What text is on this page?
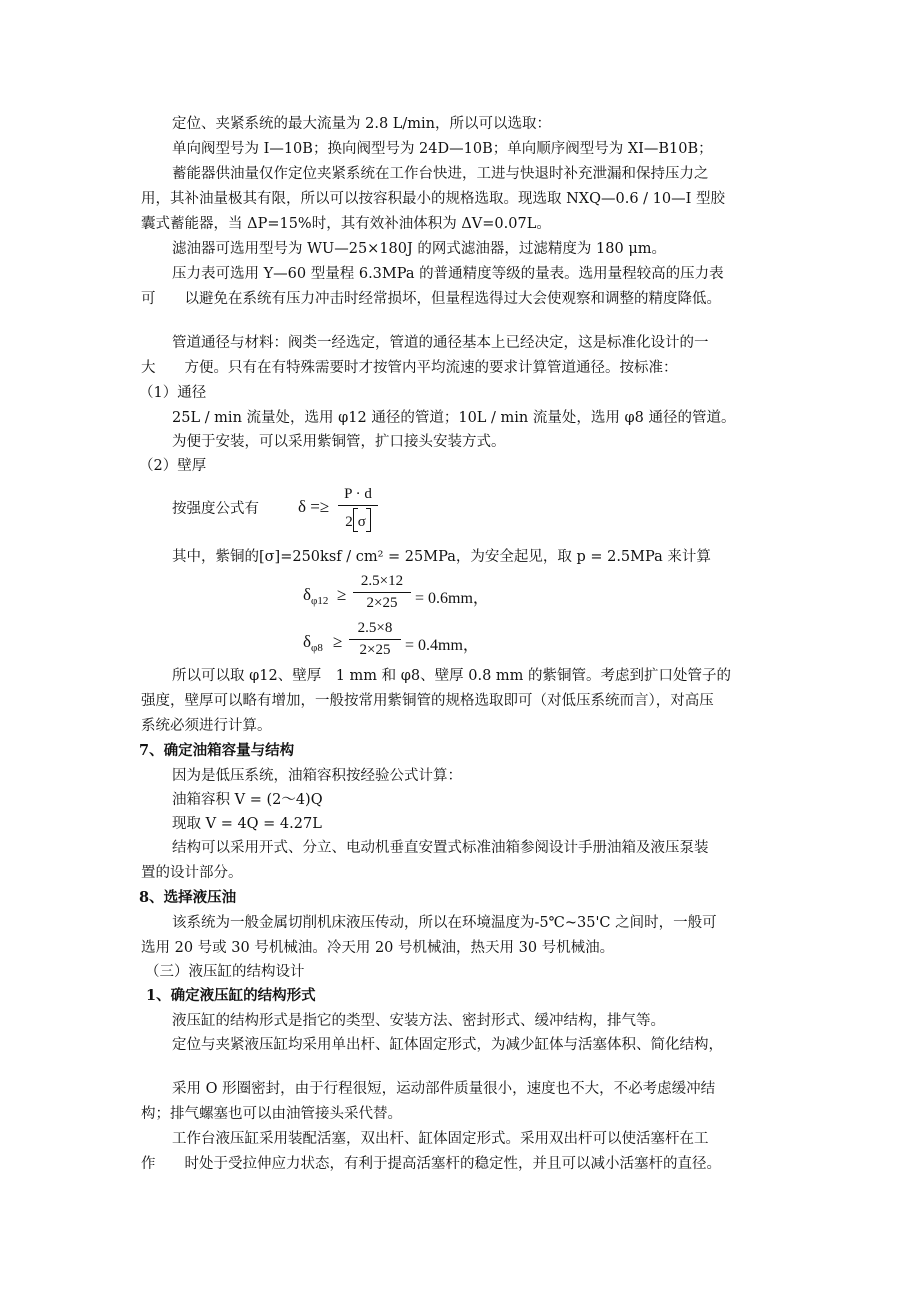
定位、夹紧系统的最大流量为 2.8 L/min，所以可以选取：
单向阀型号为 I—10B；换向阀型号为 24D—10B；单向顺序阀型号为 XI—B10B；
蓄能器供油量仅作定位夹紧系统在工作台快进，工进与快退时补充泄漏和保持压力之
用，其补油量极其有限，所以可以按容积最小的规格选取。现选取 NXQ—0.6 / 10—I 型胶
囊式蓄能器，当 ΔP=15%时，其有效补油体积为 ΔV=0.07L。
滤油器可选用型号为 WU—25×180J 的网式滤油器，过滤精度为 180 μm。
压力表可选用 Y—60 型量程 6.3MPa 的普通精度等级的量表。选用量程较高的压力表
可　　以避免在系统有压力冲击时经常损坏，但量程选得过大会使观察和调整的精度降低。
管道通径与材料：阀类一经选定，管道的通径基本上已经决定，这是标准化设计的一
大　　方便。只有在有特殊需要时才按管内平均流速的要求计算管道通径。按标准：
（1）通径
25L / min 流量处，选用 φ12 通径的管道；10L / min 流量处，选用 φ8 通径的管道。
为便于安装，可以采用紫铜管，扩口接头安装方式。
（2）壁厚
按强度公式有 δ =≥
P · d
2 σ
其中，紫铜的[σ]=250ksf / cm² = 25MPa，为安全起见，取 p = 2.5MPa 来计算
$\delta_{\varphi 12}$ ≥
2.5×12
2×25	= 0.6mm，
$\delta_{\varphi 8}$ ≥
2.5×8
2×25 = 0.4mm，
所以可以取 φ12、壁厚　1 mm 和 φ8、壁厚 0.8 mm 的紫铜管。考虑到扩口处管子的
强度，壁厚可以略有增加，一般按常用紫铜管的规格选取即可（对低压系统而言），对高压
系统必须进行计算。
7、确定油箱容量与结构
因为是低压系统，油箱容积按经验公式计算：
油箱容积 V = (2～4)Q
现取 V = 4Q = 4.27L
结构可以采用开式、分立、电动机垂直安置式标准油箱参阅设计手册油箱及液压泵装
置的设计部分。
8、选择液压油
该系统为一般金属切削机床液压传动，所以在环境温度为-5℃~35'C 之间时，一般可
选用 20 号或 30 号机械油。冷天用 20 号机械油，热天用 30 号机械油。
（三）液压缸的结构设计
1、确定液压缸的结构形式
液压缸的结构形式是指它的类型、安装方法、密封形式、缓冲结构，排气等。
定位与夹紧液压缸均采用单出杆、缸体固定形式，为减少缸体与活塞体积、简化结构，
采用 O 形圈密封，由于行程很短，运动部件质量很小，速度也不大，不必考虑缓冲结
构；排气螺塞也可以由油管接头采代替。
工作台液压缸采用装配活塞，双出杆、缸体固定形式。采用双出杆可以使活塞杆在工
作　　时处于受拉伸应力状态，有利于提高活塞杆的稳定性，并且可以减小活塞杆的直径。
